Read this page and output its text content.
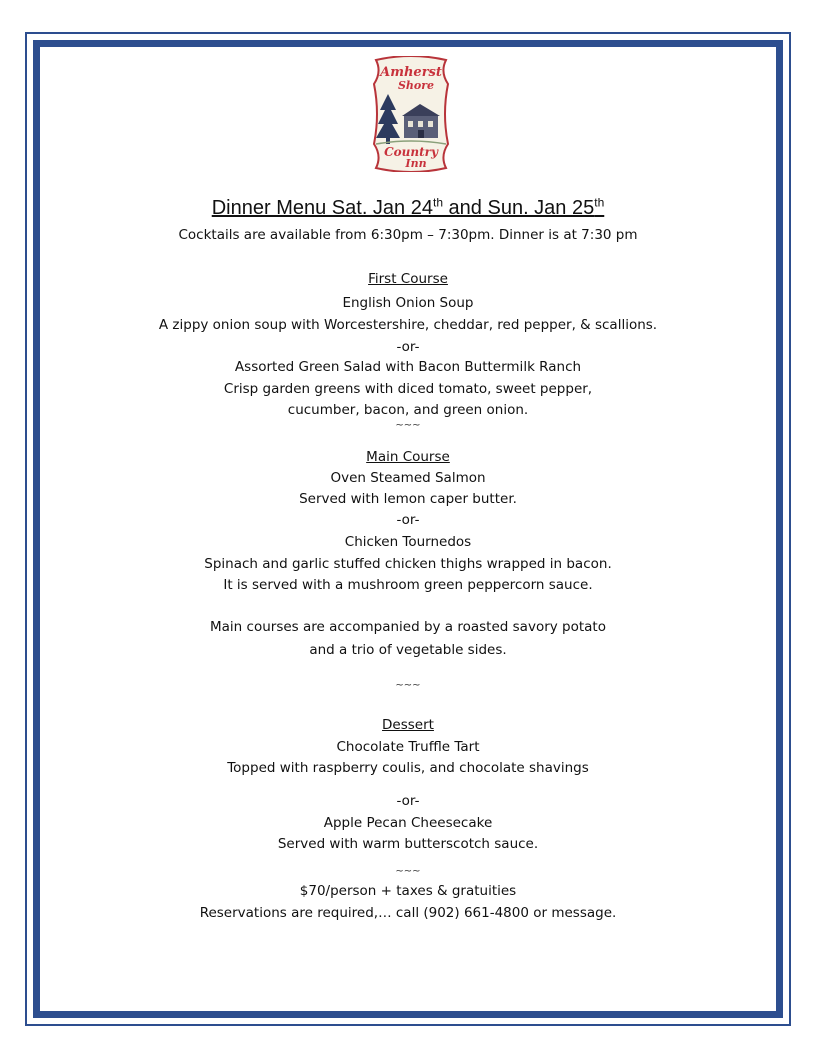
Amherst
Shore
Country
Inn
Dinner Menu Sat. Jan 24th and Sun. Jan 25th
Cocktails are available from 6:30pm – 7:30pm. Dinner is at 7:30 pm
First Course
English Onion Soup
A zippy onion soup with Worcestershire, cheddar, red pepper, & scallions.
-or-
Assorted Green Salad with Bacon Buttermilk Ranch
Crisp garden greens with diced tomato, sweet pepper,
cucumber, bacon, and green onion.
~~~
Main Course
Oven Steamed Salmon
Served with lemon caper butter.
-or-
Chicken Tournedos
Spinach and garlic stuffed chicken thighs wrapped in bacon.
It is served with a mushroom green peppercorn sauce.
Main courses are accompanied by a roasted savory potato
and a trio of vegetable sides.
~~~
Dessert
Chocolate Truffle Tart
Topped with raspberry coulis, and chocolate shavings
-or-
Apple Pecan Cheesecake
Served with warm butterscotch sauce.
~~~
$70/person + taxes & gratuities
Reservations are required,… call (902) 661-4800 or message.
